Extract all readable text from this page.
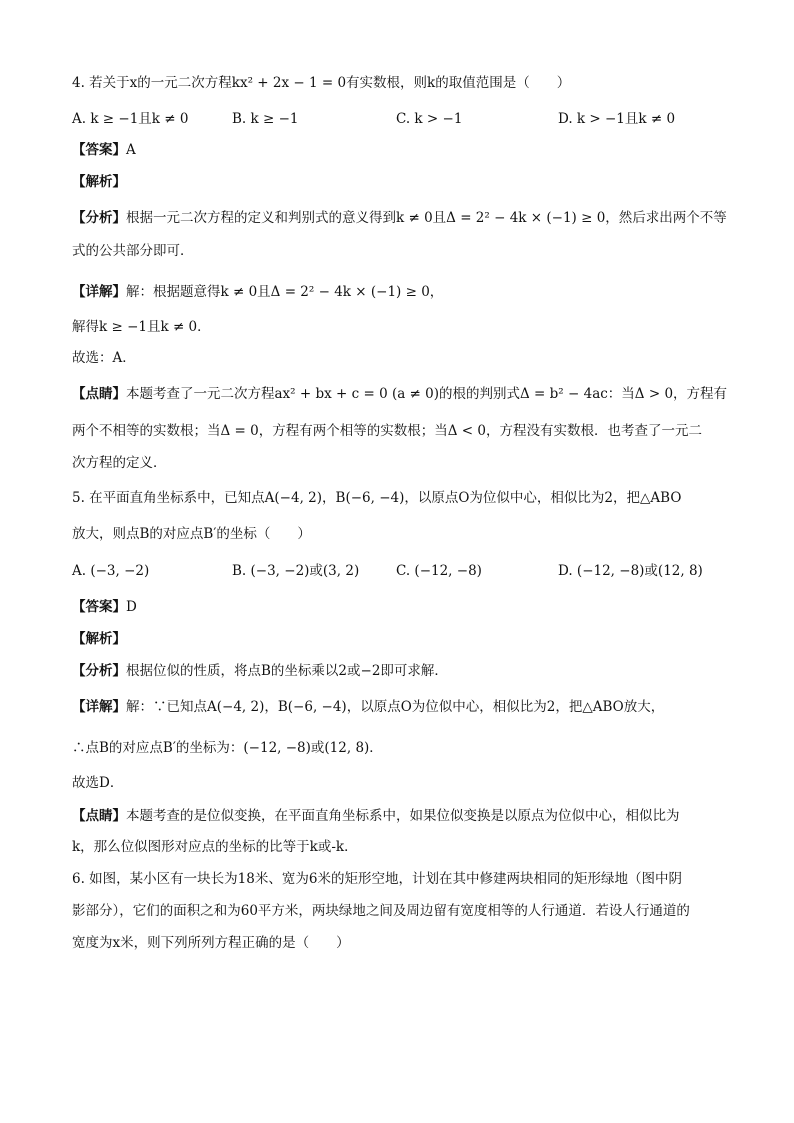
4. 若关于x的一元二次方程kx² + 2x − 1 = 0有实数根，则k的取值范围是（　　）
A. k ≥ −1且k ≠ 0	B. k ≥ −1	C. k > −1	D. k > −1且k ≠ 0
【答案】A
【解析】
【分析】根据一元二次方程的定义和判别式的意义得到k ≠ 0且Δ = 2² − 4k × (−1) ≥ 0，然后求出两个不等
式的公共部分即可．
【详解】解：根据题意得k ≠ 0且Δ = 2² − 4k × (−1) ≥ 0，
解得k ≥ −1且k ≠ 0．
故选：A．
【点睛】本题考查了一元二次方程ax² + bx + c = 0 (a ≠ 0)的根的判别式Δ = b² − 4ac：当Δ > 0，方程有
两个不相等的实数根；当Δ = 0，方程有两个相等的实数根；当Δ < 0，方程没有实数根．也考查了一元二
次方程的定义．
5. 在平面直角坐标系中，已知点A(−4, 2)，B(−6, −4)，以原点O为位似中心，相似比为2，把△ABO
放大，则点B的对应点B′的坐标（　　）
A. (−3, −2)	B. (−3, −2)或(3, 2)	C. (−12, −8)	D. (−12, −8)或(12, 8)
【答案】D
【解析】
【分析】根据位似的性质，将点B的坐标乘以2或−2即可求解．
【详解】解：∵已知点A(−4, 2)，B(−6, −4)，以原点O为位似中心，相似比为2，把△ABO放大，
∴点B的对应点B′的坐标为：(−12, −8)或(12, 8)．
故选D．
【点睛】本题考查的是位似变换，在平面直角坐标系中，如果位似变换是以原点为位似中心，相似比为
k，那么位似图形对应点的坐标的比等于k或-k．
6. 如图，某小区有一块长为18米、宽为6米的矩形空地，计划在其中修建两块相同的矩形绿地（图中阴
影部分），它们的面积之和为60平方米，两块绿地之间及周边留有宽度相等的人行通道．若设人行通道的
宽度为x米，则下列所列方程正确的是（　　）
